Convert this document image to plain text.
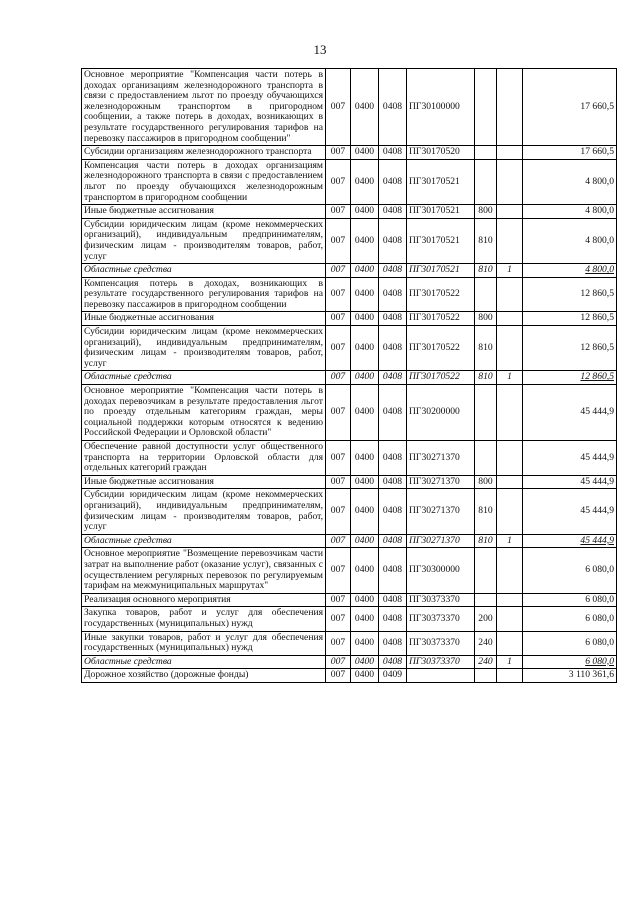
13
Основное мероприятие "Компенсация части потерь в доходах организациям железнодорожного транспорта в связи с предоставлением льгот по проезду обучающихся железнодорожным транспортом в пригородном сообщении, а также потерь в доходах, возникающих в результате государственного регулирования тарифов на перевозку пассажиров в пригородном сообщении"	007	0400	0408	ПГ30100000			17 660,5
Субсидии организациям железнодорожного транспорта	007	0400	0408	ПГ30170520			17 660,5
Компенсация части потерь в доходах организациям железнодорожного транспорта в связи с предоставлением льгот по проезду обучающихся железнодорожным транспортом в пригородном сообщении	007	0400	0408	ПГ30170521			4 800,0
Иные бюджетные ассигнования	007	0400	0408	ПГ30170521	800		4 800,0
Субсидии юридическим лицам (кроме некоммерческих организаций), индивидуальным предпринимателям, физическим лицам - производителям товаров, работ, услуг	007	0400	0408	ПГ30170521	810		4 800,0
Областные средства	007	0400	0408	ПГ30170521	810	1	4 800,0
Компенсация потерь в доходах, возникающих в результате государственного регулирования тарифов на перевозку пассажиров в пригородном сообщении	007	0400	0408	ПГ30170522			12 860,5
Иные бюджетные ассигнования	007	0400	0408	ПГ30170522	800		12 860,5
Субсидии юридическим лицам (кроме некоммерческих организаций), индивидуальным предпринимателям, физическим лицам - производителям товаров, работ, услуг	007	0400	0408	ПГ30170522	810		12 860,5
Областные средства	007	0400	0408	ПГ30170522	810	1	12 860,5
Основное мероприятие "Компенсация части потерь в доходах перевозчикам в результате предоставления льгот по проезду отдельным категориям граждан, меры социальной поддержки которым относятся к ведению Российской Федерации и Орловской области"	007	0400	0408	ПГ30200000			45 444,9
Обеспечение равной доступности услуг общественного транспорта на территории Орловской области для отдельных категорий граждан	007	0400	0408	ПГ30271370			45 444,9
Иные бюджетные ассигнования	007	0400	0408	ПГ30271370	800		45 444,9
Субсидии юридическим лицам (кроме некоммерческих организаций), индивидуальным предпринимателям, физическим лицам - производителям товаров, работ, услуг	007	0400	0408	ПГ30271370	810		45 444,9
Областные средства	007	0400	0408	ПГ30271370	810	1	45 444,9
Основное мероприятие "Возмещение перевозчикам части затрат на выполнение работ (оказание услуг), связанных с осуществлением регулярных перевозок по регулируемым тарифам на межмуниципальных маршрутах"	007	0400	0408	ПГ30300000			6 080,0
Реализация основного мероприятия	007	0400	0408	ПГ30373370			6 080,0
Закупка товаров, работ и услуг для обеспечения государственных (муниципальных) нужд	007	0400	0408	ПГ30373370	200		6 080,0
Иные закупки товаров, работ и услуг для обеспечения государственных (муниципальных) нужд	007	0400	0408	ПГ30373370	240		6 080,0
Областные средства	007	0400	0408	ПГ30373370	240	1	6 080,0
Дорожное хозяйство (дорожные фонды)	007	0400	0409				3 110 361,6
